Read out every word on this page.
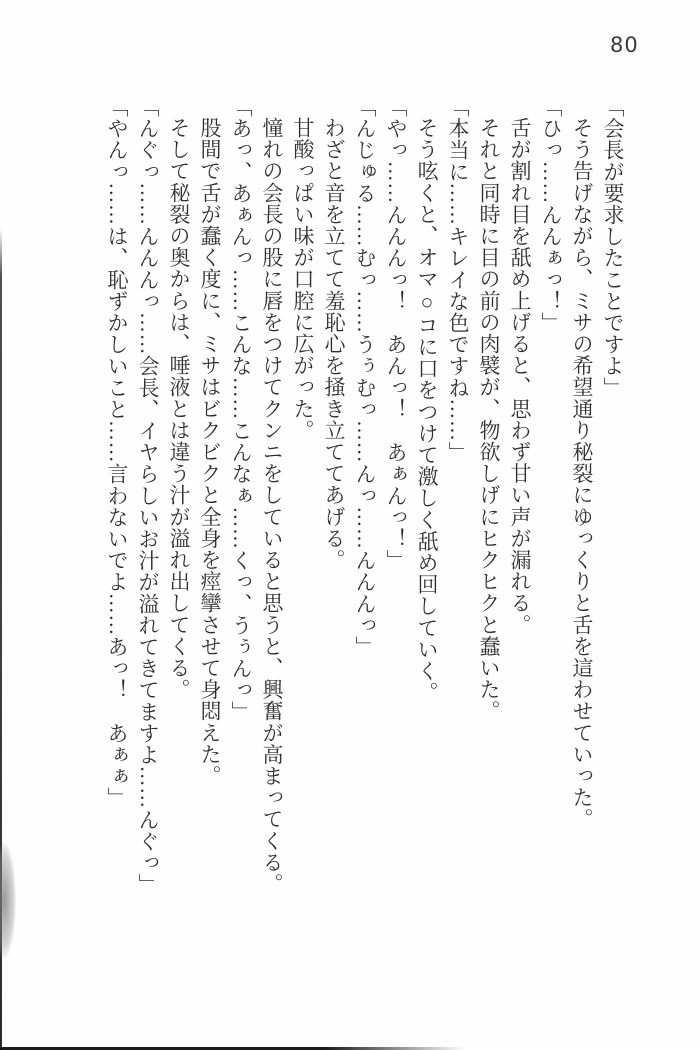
80

「会長が要求したことですよ」

そう告げながら、ミサの希望通り秘裂にゆっくりと舌を這わせていった。

「ひっ……んんぁっ！」

舌が割れ目を舐め上げると、思わず甘い声が漏れる。

それと同時に目の前の肉襞が、物欲しげにヒクヒクと蠢いた。

「本当に……キレイな色ですね……」

そう呟くと、オマ○コに口をつけて激しく舐め回していく。

「やっ……んんんっ！　あんっ！　あぁんっ！」

「んじゅる……むっ……うぅむっ……んっ……んんんっ」

わざと音を立てて羞恥心を掻き立ててあげる。

甘酸っぱい味が口腔に広がった。

憧れの会長の股に唇をつけてクンニをしていると思うと、興奮が高まってくる。

「あっ、あぁんっ……こんな……こんなぁ……くっ、うぅんっ」

股間で舌が蠢く度に、ミサはビクビクと全身を痙攣させて身悶えた。

そして秘裂の奥からは、唾液とは違う汁が溢れ出してくる。

「んぐっ……んんんっ……会長、イヤらしいお汁が溢れてきてますよ……んぐっ」

「やんっ……は、恥ずかしいこと……言わないでよ……あっ！　あぁぁ」
